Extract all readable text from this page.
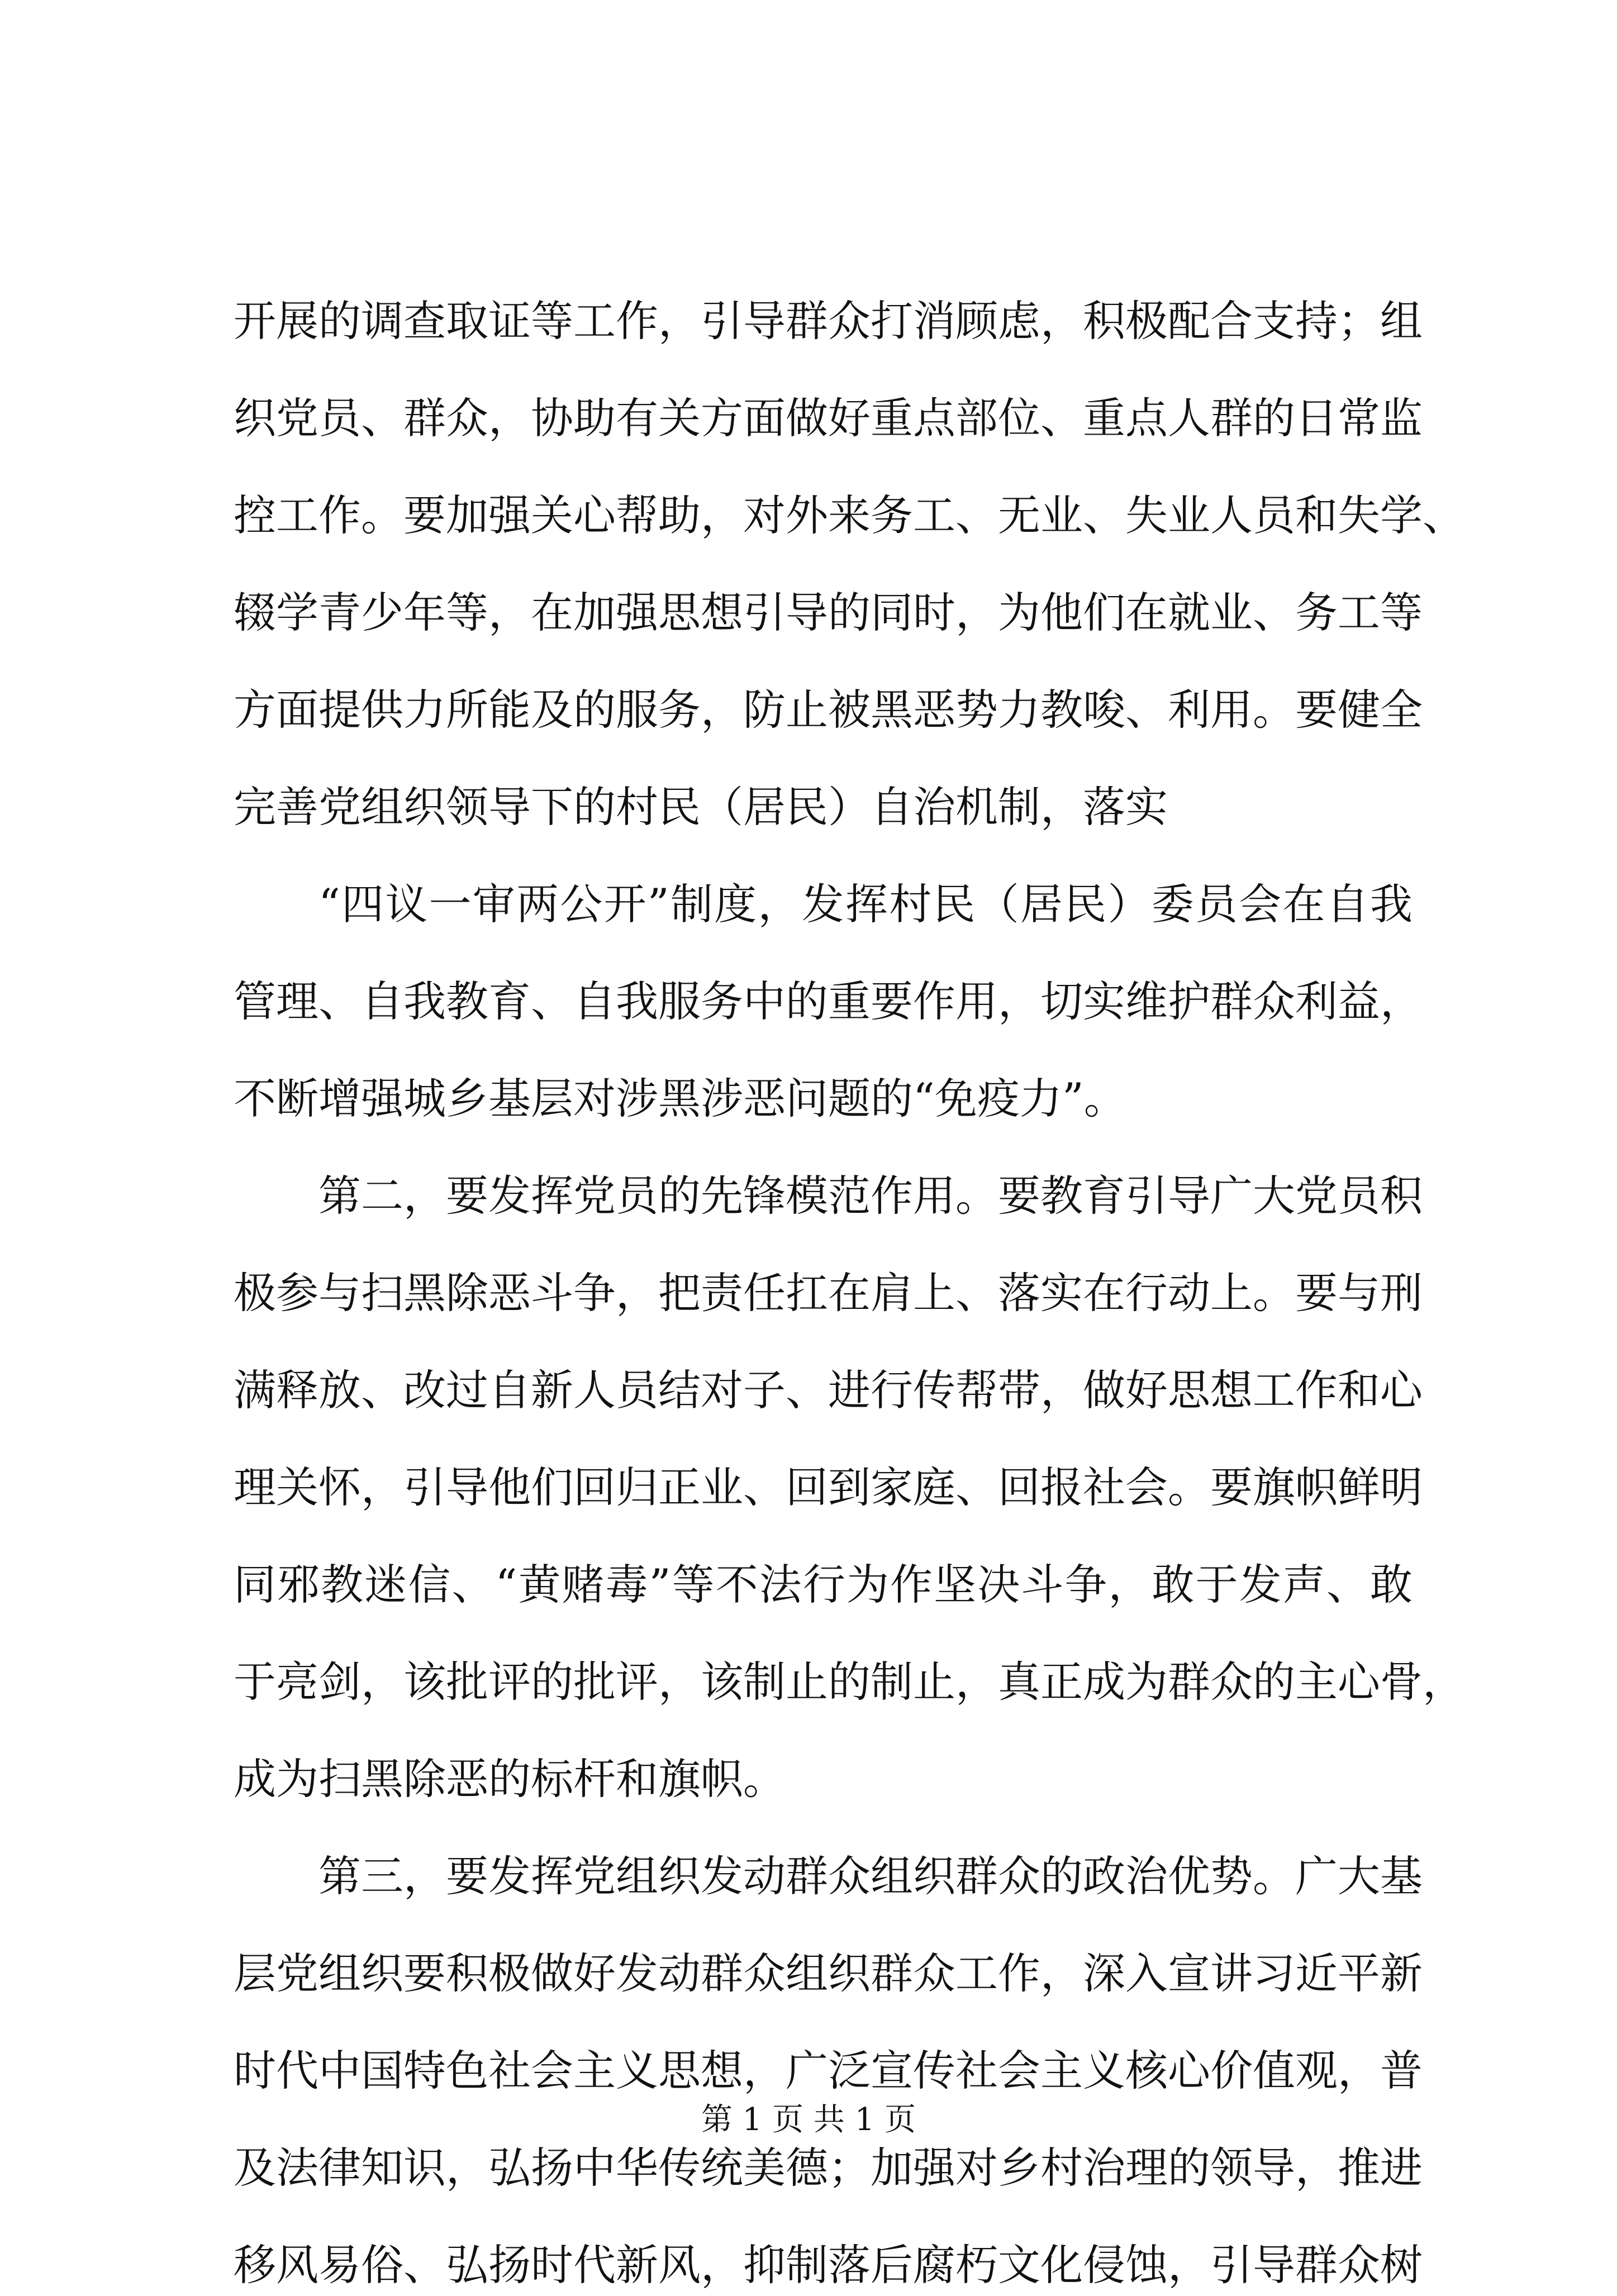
开展的调查取证等工作，引导群众打消顾虑，积极配合支持；组
织党员、群众，协助有关方面做好重点部位、重点人群的日常监
控工作。要加强关心帮助，对外来务工、无业、失业人员和失学、
辍学青少年等，在加强思想引导的同时，为他们在就业、务工等
方面提供力所能及的服务，防止被黑恶势力教唆、利用。要健全
完善党组织领导下的村民（居民）自治机制，落实
“四议一审两公开”制度，发挥村民（居民）委员会在自我
管理、自我教育、自我服务中的重要作用，切实维护群众利益，
不断增强城乡基层对涉黑涉恶问题的“免疫力”。
第二，要发挥党员的先锋模范作用。要教育引导广大党员积
极参与扫黑除恶斗争，把责任扛在肩上、落实在行动上。要与刑
满释放、改过自新人员结对子、进行传帮带，做好思想工作和心
理关怀，引导他们回归正业、回到家庭、回报社会。要旗帜鲜明
同邪教迷信、“黄赌毒”等不法行为作坚决斗争，敢于发声、敢
于亮剑，该批评的批评，该制止的制止，真正成为群众的主心骨，
成为扫黑除恶的标杆和旗帜。
第三，要发挥党组织发动群众组织群众的政治优势。广大基
层党组织要积极做好发动群众组织群众工作，深入宣讲习近平新
时代中国特色社会主义思想，广泛宣传社会主义核心价值观，普
及法律知识，弘扬中华传统美德；加强对乡村治理的领导，推进
移风易俗、弘扬时代新风，抑制落后腐朽文化侵蚀，引导群众树
第 1 页 共 1 页
